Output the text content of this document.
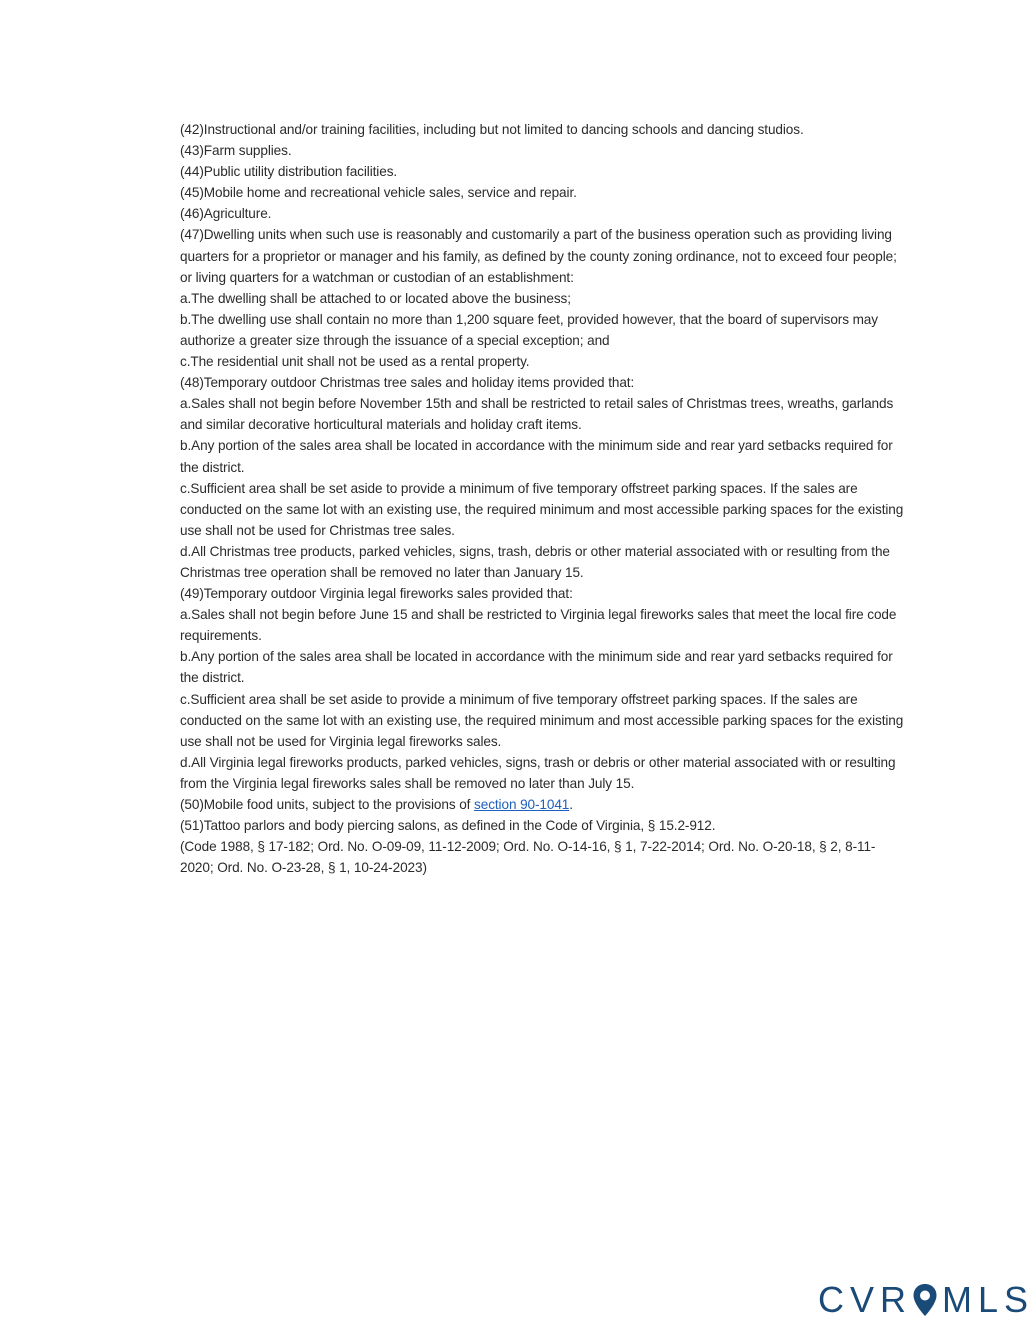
(42)Instructional and/or training facilities, including but not limited to dancing schools and dancing studios.

(43)Farm supplies.

(44)Public utility distribution facilities.

(45)Mobile home and recreational vehicle sales, service and repair.

(46)Agriculture.

(47)Dwelling units when such use is reasonably and customarily a part of the business operation such as providing living quarters for a proprietor or manager and his family, as defined by the county zoning ordinance, not to exceed four people; or living quarters for a watchman or custodian of an establishment:

a.The dwelling shall be attached to or located above the business;

b.The dwelling use shall contain no more than 1,200 square feet, provided however, that the board of supervisors may authorize a greater size through the issuance of a special exception; and

c.The residential unit shall not be used as a rental property.

(48)Temporary outdoor Christmas tree sales and holiday items provided that:

a.Sales shall not begin before November 15th and shall be restricted to retail sales of Christmas trees, wreaths, garlands and similar decorative horticultural materials and holiday craft items.

b.Any portion of the sales area shall be located in accordance with the minimum side and rear yard setbacks required for the district.

c.Sufficient area shall be set aside to provide a minimum of five temporary offstreet parking spaces. If the sales are conducted on the same lot with an existing use, the required minimum and most accessible parking spaces for the existing use shall not be used for Christmas tree sales.

d.All Christmas tree products, parked vehicles, signs, trash, debris or other material associated with or resulting from the Christmas tree operation shall be removed no later than January 15.

(49)Temporary outdoor Virginia legal fireworks sales provided that:

a.Sales shall not begin before June 15 and shall be restricted to Virginia legal fireworks sales that meet the local fire code requirements.

b.Any portion of the sales area shall be located in accordance with the minimum side and rear yard setbacks required for the district.

c.Sufficient area shall be set aside to provide a minimum of five temporary offstreet parking spaces. If the sales are conducted on the same lot with an existing use, the required minimum and most accessible parking spaces for the existing use shall not be used for Virginia legal fireworks sales.

d.All Virginia legal fireworks products, parked vehicles, signs, trash or debris or other material associated with or resulting from the Virginia legal fireworks sales shall be removed no later than July 15.

(50)Mobile food units, subject to the provisions of section 90-1041.

(51)Tattoo parlors and body piercing salons, as defined in the Code of Virginia, § 15.2-912.

(Code 1988, § 17-182; Ord. No. O-09-09, 11-12-2009; Ord. No. O-14-16, § 1, 7-22-2014; Ord. No. O-20-18, § 2, 8-11-2020; Ord. No. O-23-28, § 1, 10-24-2023)

CVR MLS
